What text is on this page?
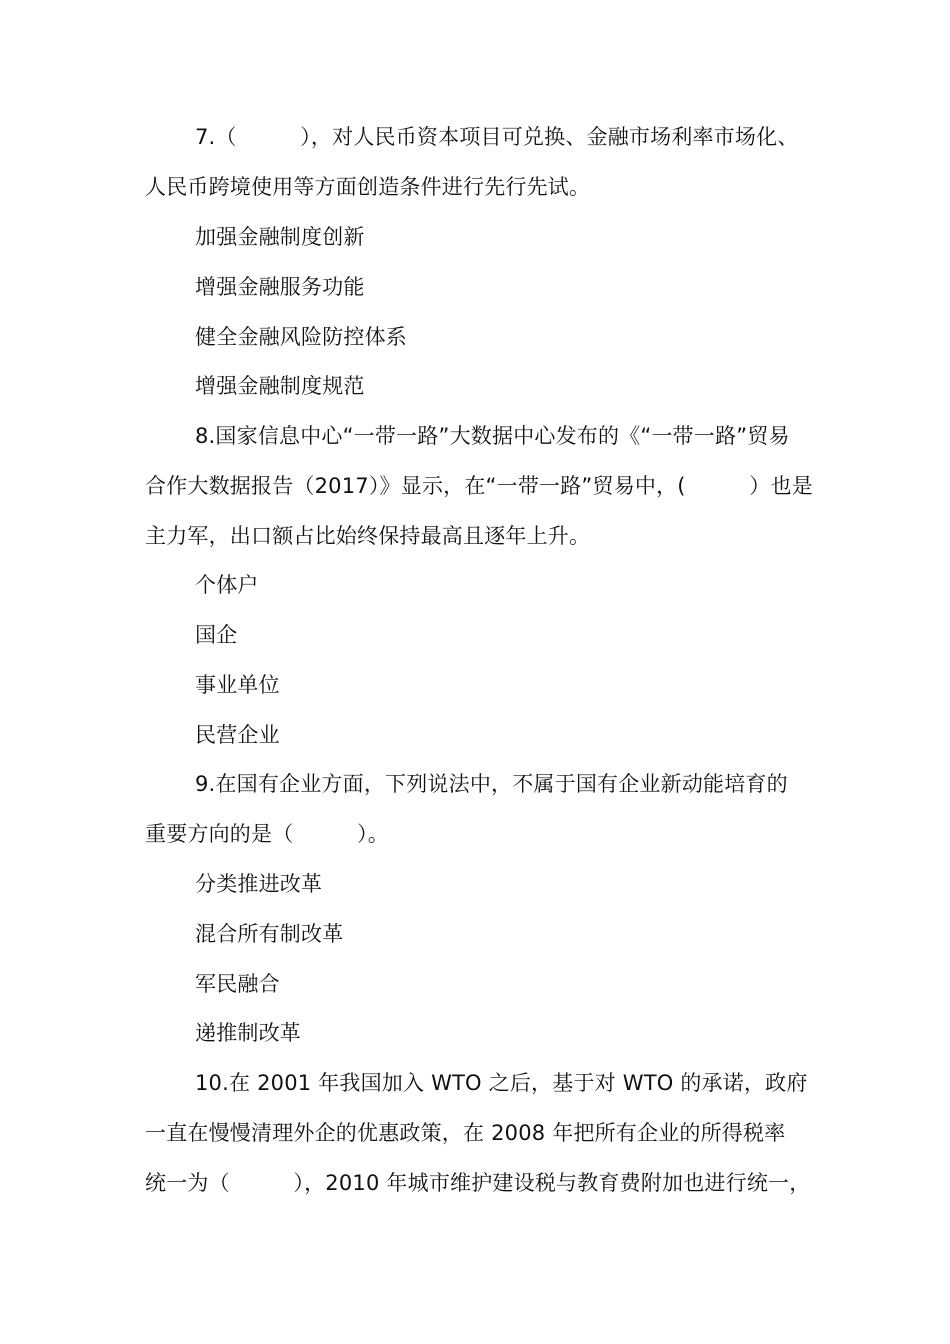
7.（　　　），对人民币资本项目可兑换、金融市场利率市场化、
人民币跨境使用等方面创造条件进行先行先试。
加强金融制度创新
增强金融服务功能
健全金融风险防控体系
增强金融制度规范
8.国家信息中心“一带一路”大数据中心发布的《“一带一路”贸易
合作大数据报告（2017）》显示，在“一带一路”贸易中，(　　　）也是
主力军，出口额占比始终保持最高且逐年上升。
个体户
国企
事业单位
民营企业
9.在国有企业方面，下列说法中，不属于国有企业新动能培育的
重要方向的是（　　　）。
分类推进改革
混合所有制改革
军民融合
递推制改革
10.在 2001 年我国加入 WTO 之后，基于对 WTO 的承诺，政府
一直在慢慢清理外企的优惠政策，在 2008 年把所有企业的所得税率
统一为（　　　），2010 年城市维护建设税与教育费附加也进行统一，
